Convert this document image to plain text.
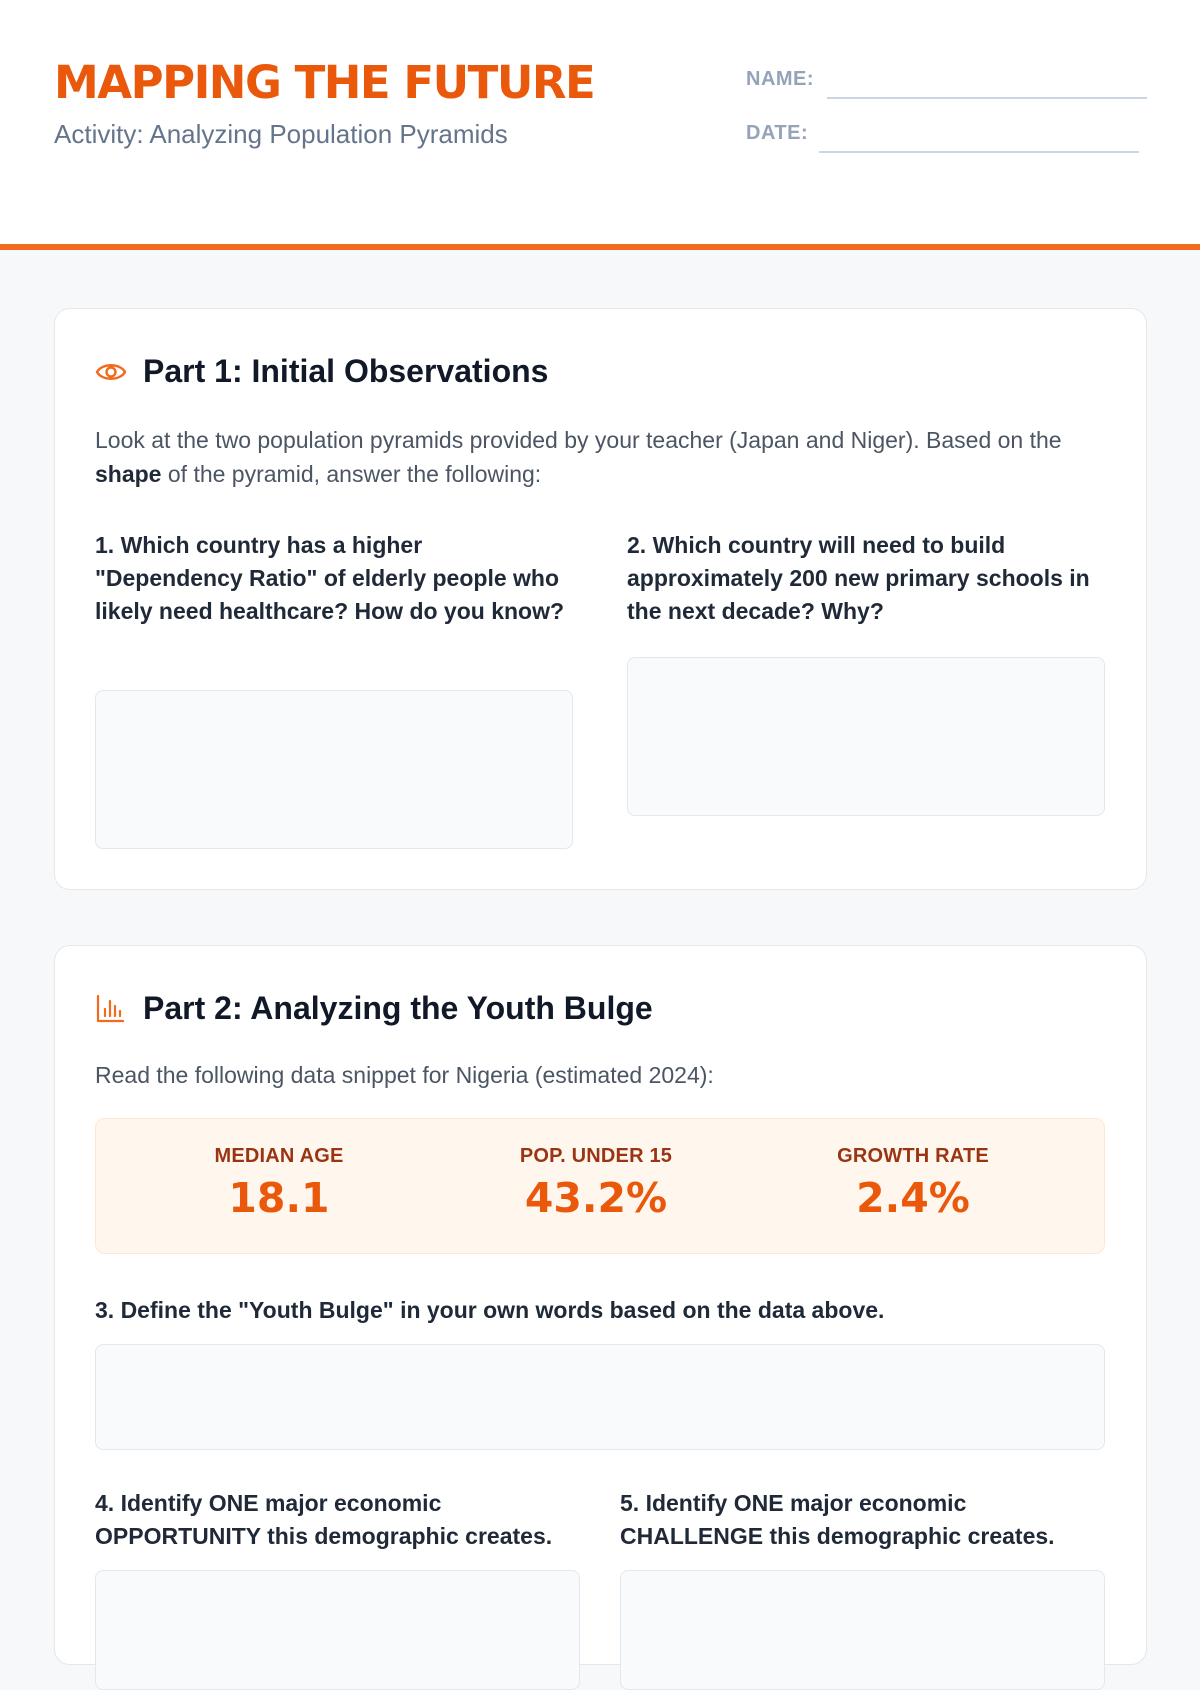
MAPPING THE FUTURE
Activity: Analyzing Population Pyramids
NAME:
DATE:
Part 1: Initial Observations
Look at the two population pyramids provided by your teacher (Japan and Niger). Based on the shape of the pyramid, answer the following:
1. Which country has a higher "Dependency Ratio" of elderly people who likely need healthcare? How do you know?
2. Which country will need to build approximately 200 new primary schools in the next decade? Why?
Part 2: Analyzing the Youth Bulge
Read the following data snippet for Nigeria (estimated 2024):
MEDIAN AGE
18.1
POP. UNDER 15
43.2%
GROWTH RATE
2.4%
3. Define the "Youth Bulge" in your own words based on the data above.
4. Identify ONE major economic OPPORTUNITY this demographic creates.
5. Identify ONE major economic CHALLENGE this demographic creates.
